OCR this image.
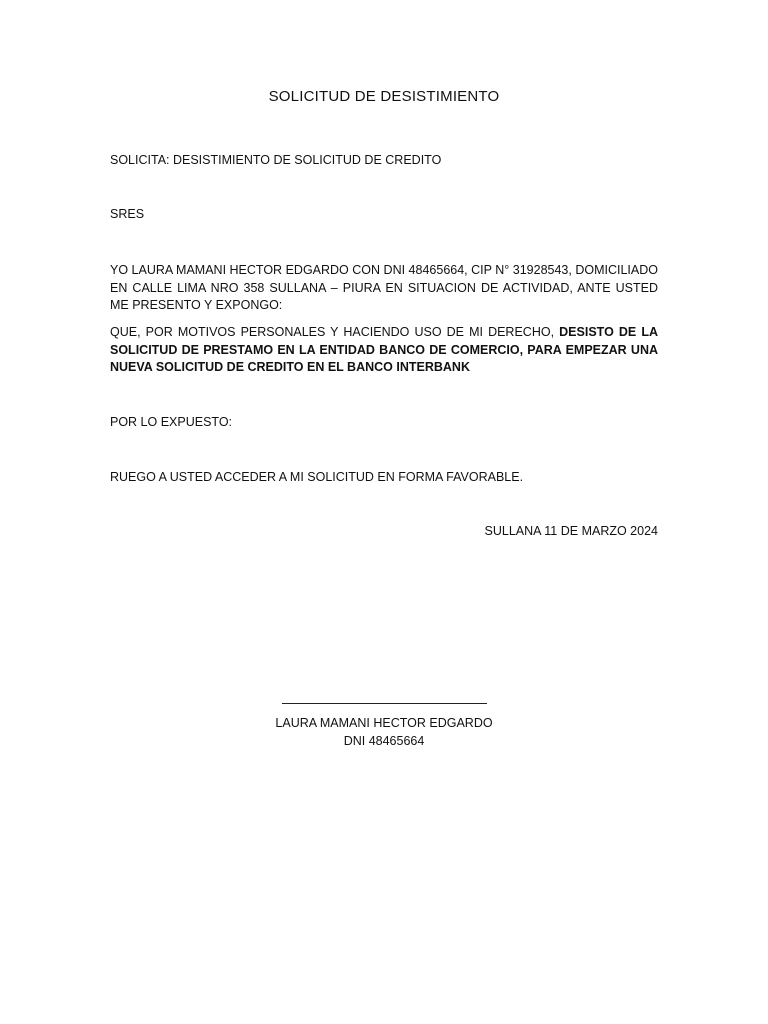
SOLICITUD DE DESISTIMIENTO
SOLICITA: DESISTIMIENTO DE SOLICITUD DE CREDITO
SRES
YO LAURA MAMANI HECTOR EDGARDO CON DNI 48465664, CIP N° 31928543, DOMICILIADO EN CALLE LIMA NRO 358 SULLANA – PIURA EN SITUACION DE ACTIVIDAD, ANTE USTED ME PRESENTO Y EXPONGO:
QUE, POR MOTIVOS PERSONALES Y HACIENDO USO DE MI DERECHO, DESISTO DE LA SOLICITUD DE PRESTAMO EN LA ENTIDAD BANCO DE COMERCIO, PARA EMPEZAR UNA NUEVA SOLICITUD DE CREDITO EN EL BANCO INTERBANK
POR LO EXPUESTO:
RUEGO A USTED ACCEDER A MI SOLICITUD EN FORMA FAVORABLE.
SULLANA 11 DE MARZO 2024
LAURA MAMANI HECTOR EDGARDO
DNI 48465664
